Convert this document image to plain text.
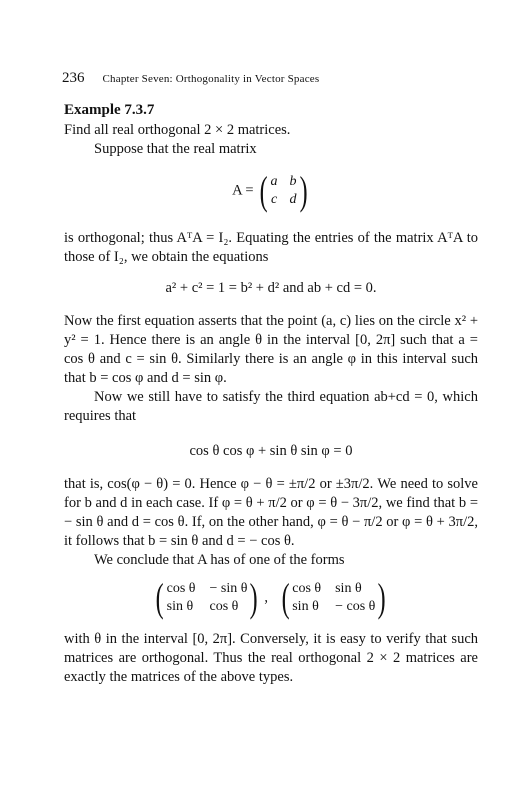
236 Chapter Seven: Orthogonality in Vector Spaces
Example 7.3.7

Find all real orthogonal 2 × 2 matrices.

Suppose that the real matrix

A = ( a b
c d )

is orthogonal; thus AᵀA = I₂. Equating the entries of the matrix AᵀA to those of I₂, we obtain the equations

a² + c² = 1 = b² + d² and ab + cd = 0.

Now the first equation asserts that the point (a, c) lies on the circle x² + y² = 1. Hence there is an angle θ in the interval [0, 2π] such that a = cos θ and c = sin θ. Similarly there is an angle φ in this interval such that b = cos φ and d = sin φ.

Now we still have to satisfy the third equation ab+cd = 0, which requires that

cos θ cos φ + sin θ sin φ = 0

that is, cos(φ − θ) = 0. Hence φ − θ = ±π/2 or ±3π/2. We need to solve for b and d in each case. If φ = θ + π/2 or φ = θ − 3π/2, we find that b = − sin θ and d = cos θ. If, on the other hand, φ = θ − π/2 or φ = θ + 3π/2, it follows that b = sin θ and d = − cos θ.

We conclude that A has of one of the forms

( cos θ − sin θ
sin θ cos θ ) , ( cos θ sin θ
sin θ − cos θ )

with θ in the interval [0, 2π]. Conversely, it is easy to verify that such matrices are orthogonal. Thus the real orthogonal 2 × 2 matrices are exactly the matrices of the above types.
